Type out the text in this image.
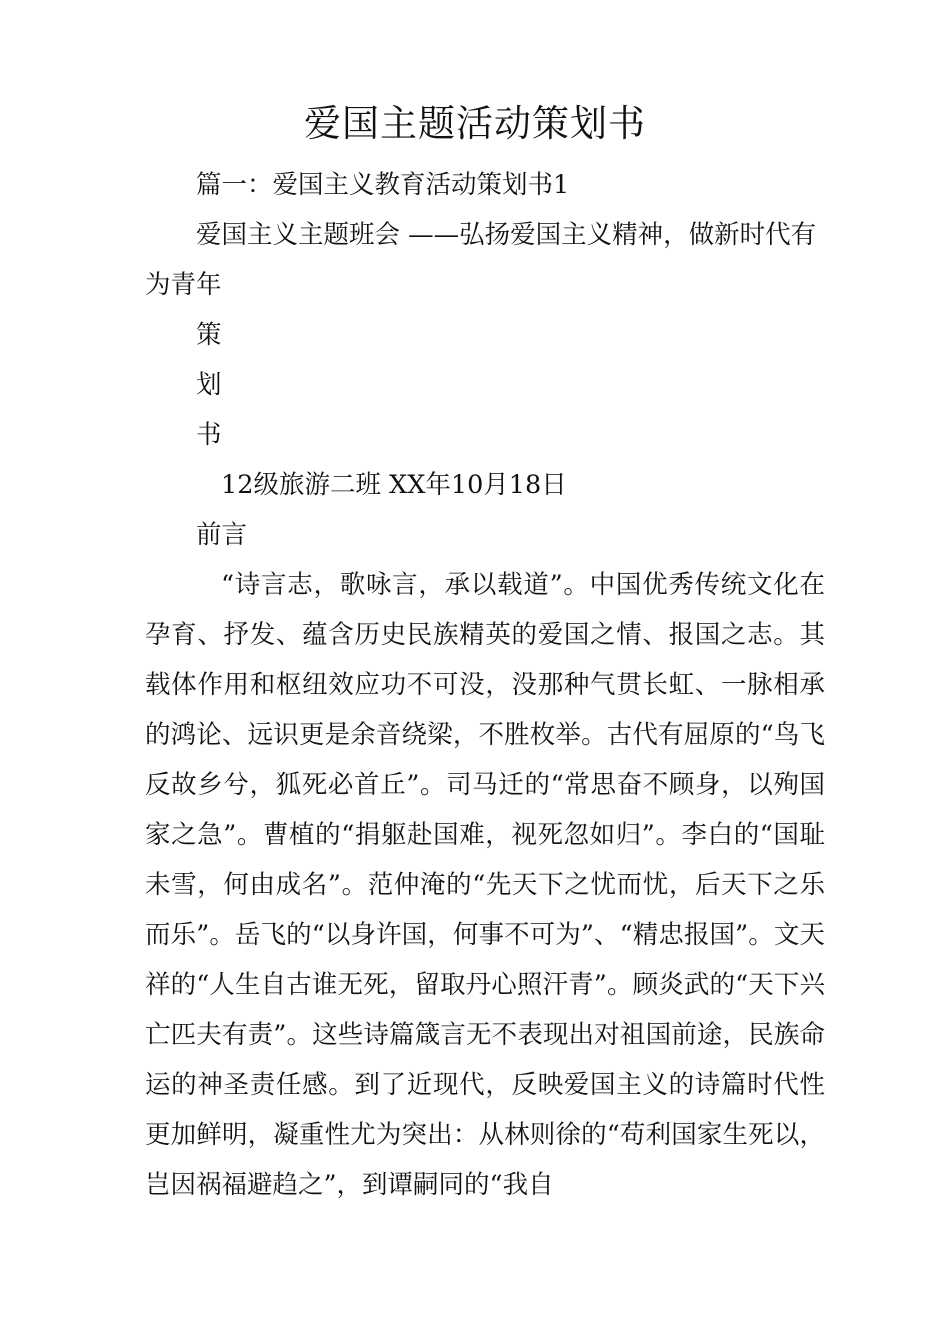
爱国主题活动策划书

篇一：爱国主义教育活动策划书1

爱国主义主题班会 ——弘扬爱国主义精神，做新时代有为青年

策

划

书

12级旅游二班 XX年10月18日

前言

“诗言志，歌咏言，承以载道”。中国优秀传统文化在孕育、抒发、蕴含历史民族精英的爱国之情、报国之志。其载体作用和枢纽效应功不可没，没那种气贯长虹、一脉相承的鸿论、远识更是余音绕梁，不胜枚举。古代有屈原的“鸟飞反故乡兮，狐死必首丘”。司马迁的“常思奋不顾身，以殉国家之急”。曹植的“捐躯赴国难，视死忽如归”。李白的“国耻未雪，何由成名”。范仲淹的“先天下之忧而忧，后天下之乐而乐”。岳飞的“以身许国，何事不可为”、“精忠报国”。文天祥的“人生自古谁无死，留取丹心照汗青”。顾炎武的“天下兴亡匹夫有责”。这些诗篇箴言无不表现出对祖国前途，民族命运的神圣责任感。到了近现代，反映爱国主义的诗篇时代性更加鲜明，凝重性尤为突出：从林则徐的“苟利国家生死以，岂因祸福避趋之”，到谭嗣同的“我自
